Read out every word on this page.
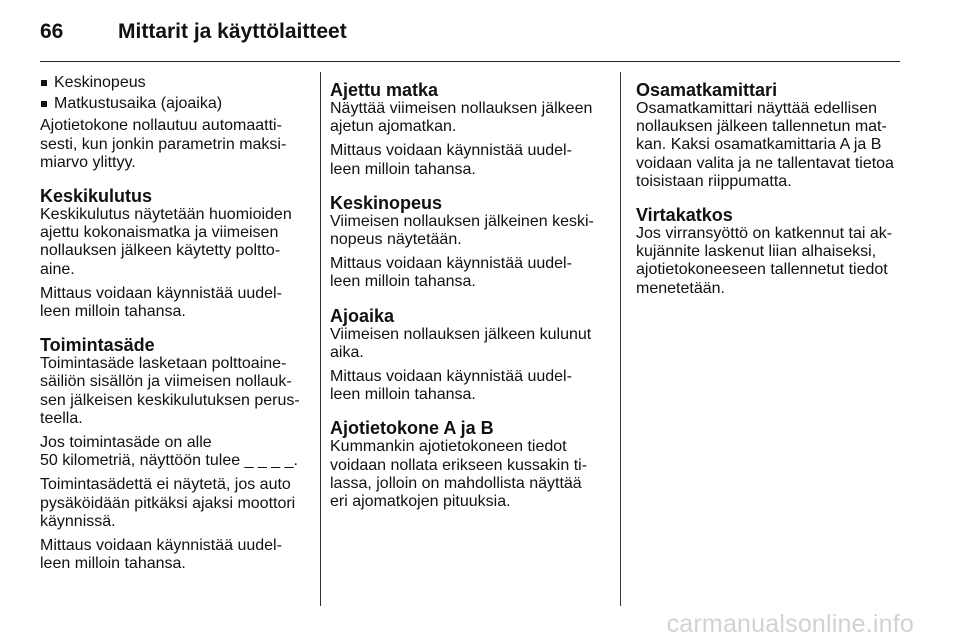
66	Mittarit ja käyttölaitteet
Keskinopeus
Matkustusaika (ajoaika)

Ajotietokone nollautuu automaatti-
sesti, kun jonkin parametrin maksi-
miarvo ylittyy.

Keskikulutus

Keskikulutus näytetään huomioiden
ajettu kokonaismatka ja viimeisen
nollauksen jälkeen käytetty poltto-
aine.

Mittaus voidaan käynnistää uudel-
leen milloin tahansa.

Toimintasäde

Toimintasäde lasketaan polttoaine-
säiliön sisällön ja viimeisen nollauk-
sen jälkeisen keskikulutuksen perus-
teella.

Jos toimintasäde on alle
50 kilometriä, näyttöön tulee _ _ _ _.

Toimintasädettä ei näytetä, jos auto
pysäköidään pitkäksi ajaksi moottori
käynnissä.

Mittaus voidaan käynnistää uudel-
leen milloin tahansa.

Ajettu matka

Näyttää viimeisen nollauksen jälkeen
ajetun ajomatkan.

Mittaus voidaan käynnistää uudel-
leen milloin tahansa.

Keskinopeus

Viimeisen nollauksen jälkeinen keski-
nopeus näytetään.

Mittaus voidaan käynnistää uudel-
leen milloin tahansa.

Ajoaika

Viimeisen nollauksen jälkeen kulunut
aika.

Mittaus voidaan käynnistää uudel-
leen milloin tahansa.

Ajotietokone A ja B

Kummankin ajotietokoneen tiedot
voidaan nollata erikseen kussakin ti-
lassa, jolloin on mahdollista näyttää
eri ajomatkojen pituuksia.

Osamatkamittari

Osamatkamittari näyttää edellisen
nollauksen jälkeen tallennetun mat-
kan. Kaksi osamatkamittaria A ja B
voidaan valita ja ne tallentavat tietoa
toisistaan riippumatta.

Virtakatkos

Jos virransyöttö on katkennut tai ak-
kujännite laskenut liian alhaiseksi,
ajotietokoneeseen tallennetut tiedot
menetetään.

carmanualsonline.info
